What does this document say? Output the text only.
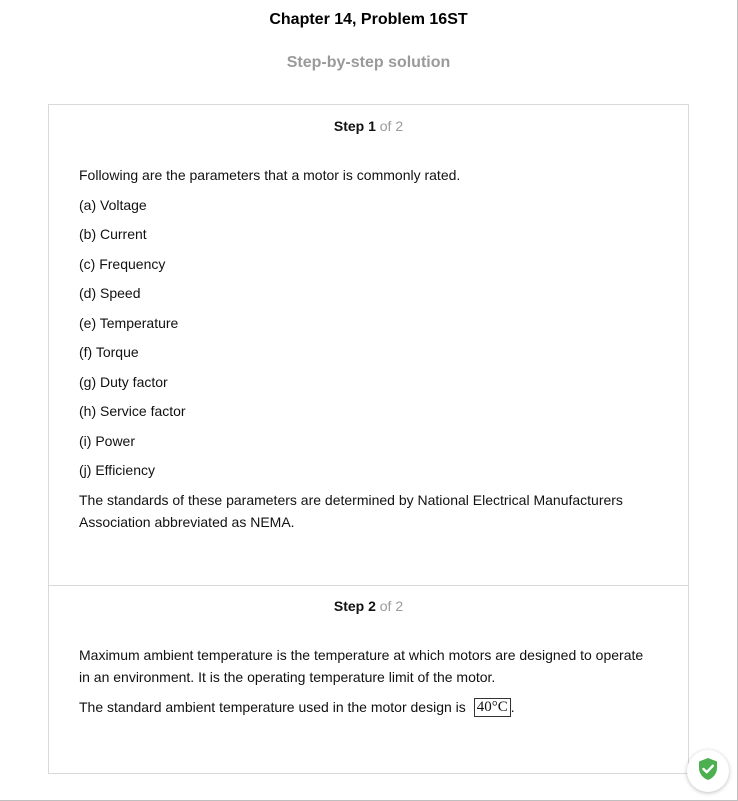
Chapter 14, Problem 16ST
Step-by-step solution
Step 1 of 2
Following are the parameters that a motor is commonly rated.
(a) Voltage
(b) Current
(c) Frequency
(d) Speed
(e) Temperature
(f) Torque
(g) Duty factor
(h) Service factor
(i) Power
(j) Efficiency
The standards of these parameters are determined by National Electrical Manufacturers Association abbreviated as NEMA.
Step 2 of 2
Maximum ambient temperature is the temperature at which motors are designed to operate in an environment. It is the operating temperature limit of the motor.
The standard ambient temperature used in the motor design is 40°C .
